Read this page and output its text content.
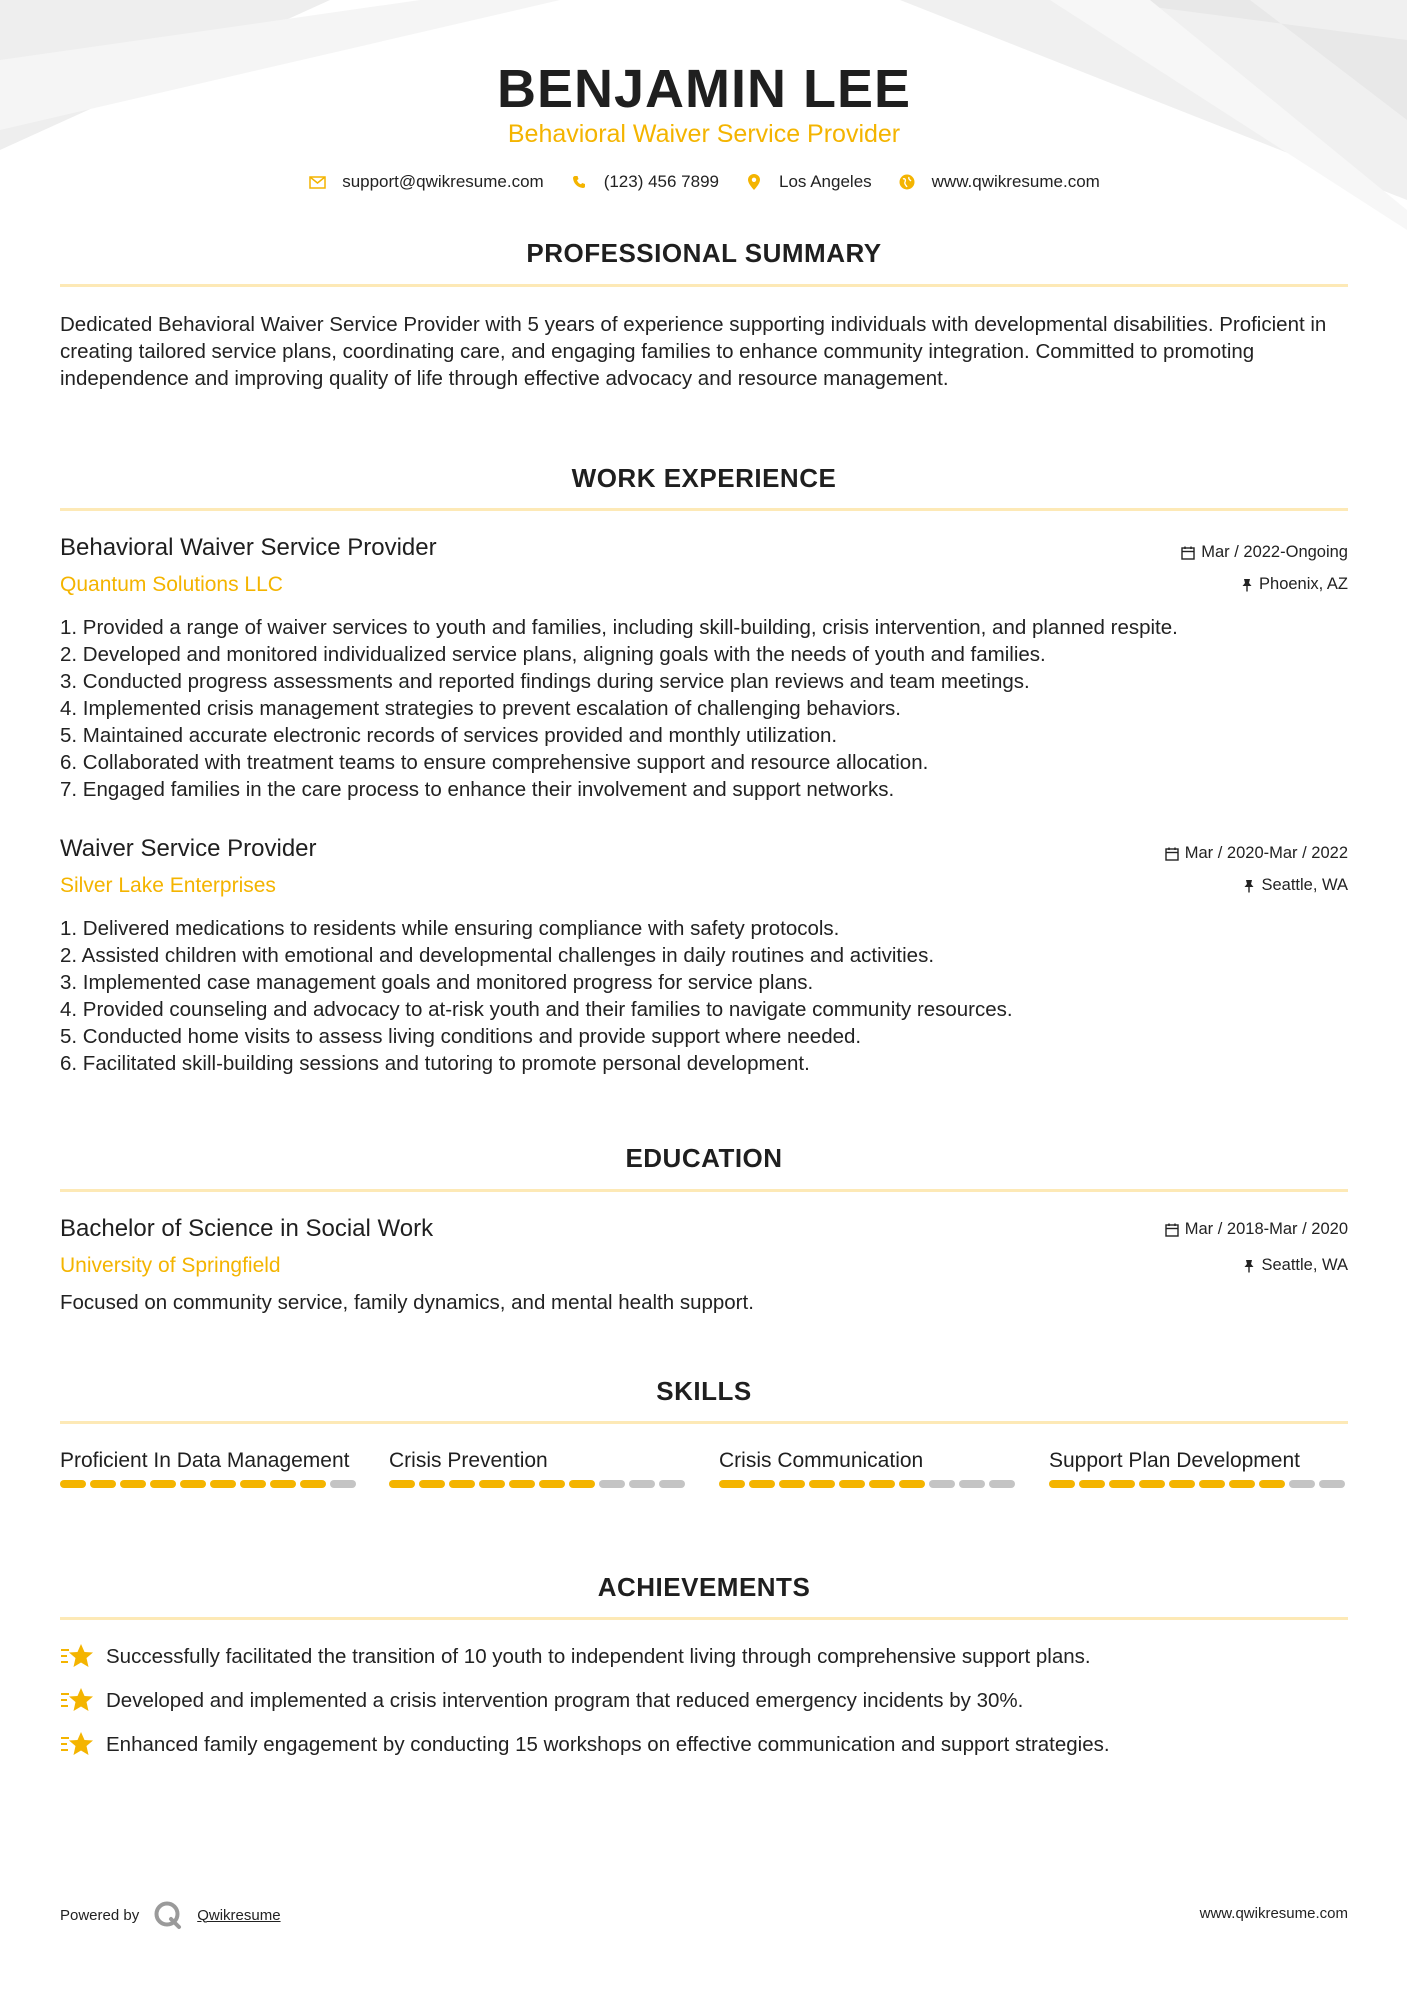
BENJAMIN LEE
Behavioral Waiver Service Provider
support@qwikresume.com	(123) 456 7899	Los Angeles	www.qwikresume.com
PROFESSIONAL SUMMARY
Dedicated Behavioral Waiver Service Provider with 5 years of experience supporting individuals with developmental disabilities. Proficient in creating tailored service plans, coordinating care, and engaging families to enhance community integration. Committed to promoting independence and improving quality of life through effective advocacy and resource management.
WORK EXPERIENCE
Behavioral Waiver Service Provider	Mar / 2022-Ongoing
Quantum Solutions LLC	Phoenix, AZ
1. Provided a range of waiver services to youth and families, including skill-building, crisis intervention, and planned respite.
2. Developed and monitored individualized service plans, aligning goals with the needs of youth and families.
3. Conducted progress assessments and reported findings during service plan reviews and team meetings.
4. Implemented crisis management strategies to prevent escalation of challenging behaviors.
5. Maintained accurate electronic records of services provided and monthly utilization.
6. Collaborated with treatment teams to ensure comprehensive support and resource allocation.
7. Engaged families in the care process to enhance their involvement and support networks.
Waiver Service Provider	Mar / 2020-Mar / 2022
Silver Lake Enterprises	Seattle, WA
1. Delivered medications to residents while ensuring compliance with safety protocols.
2. Assisted children with emotional and developmental challenges in daily routines and activities.
3. Implemented case management goals and monitored progress for service plans.
4. Provided counseling and advocacy to at-risk youth and their families to navigate community resources.
5. Conducted home visits to assess living conditions and provide support where needed.
6. Facilitated skill-building sessions and tutoring to promote personal development.
EDUCATION
Bachelor of Science in Social Work	Mar / 2018-Mar / 2020
University of Springfield	Seattle, WA
Focused on community service, family dynamics, and mental health support.
SKILLS
Proficient In Data Management	Crisis Prevention	Crisis Communication	Support Plan Development
ACHIEVEMENTS
Successfully facilitated the transition of 10 youth to independent living through comprehensive support plans.
Developed and implemented a crisis intervention program that reduced emergency incidents by 30%.
Enhanced family engagement by conducting 15 workshops on effective communication and support strategies.
Powered by	Qwikresume	www.qwikresume.com
